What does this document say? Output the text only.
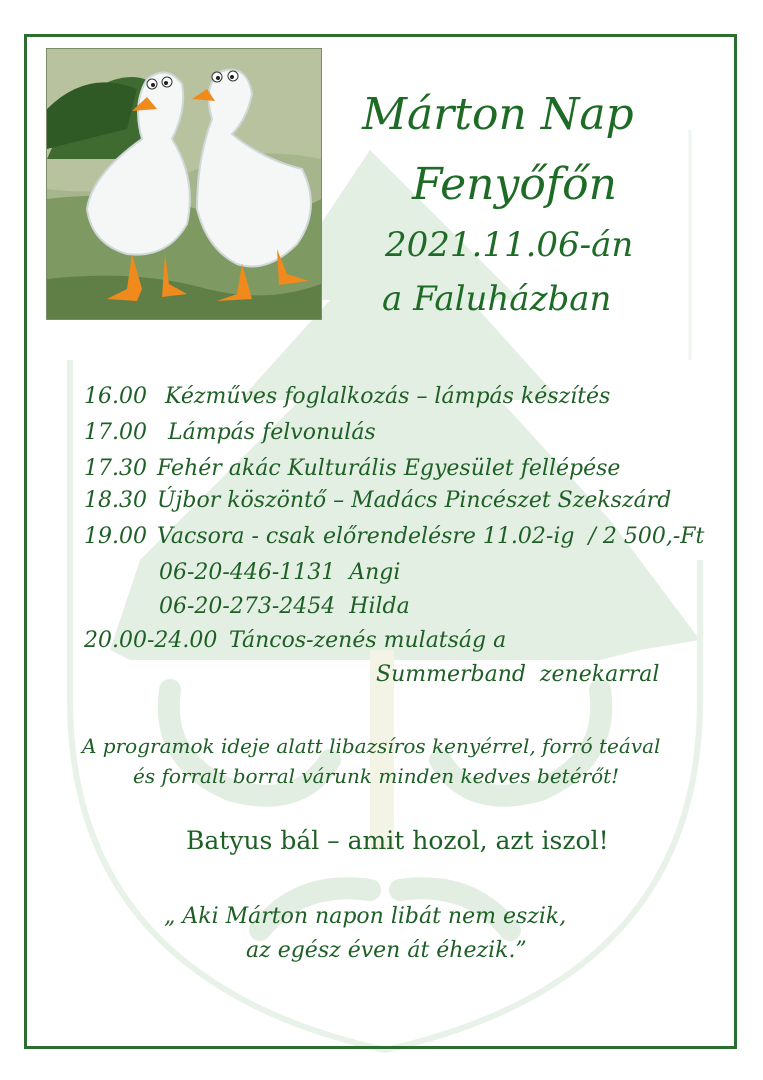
Márton Nap
Fenyőfőn
2021.11.06-án
a Faluházban
16.00 Kézműves foglalkozás – lámpás készítés
17.00 Lámpás felvonulás
17.30 Fehér akác Kulturális Egyesület fellépése
18.30 Újbor köszöntő – Madács Pincészet Szekszárd
19.00 Vacsora - csak előrendelésre 11.02-ig  / 2 500,-Ft
06-20-446-1131  Angi
06-20-273-2454  Hilda
20.00-24.00 Táncos-zenés mulatság a
Summerband  zenekarral
A programok ideje alatt libazsíros kenyérrel, forró teával
és forralt borral várunk minden kedves betérőt!
Batyus bál – amit hozol, azt iszol!
„ Aki Márton napon libát nem eszik,
az egész éven át éhezik.”
